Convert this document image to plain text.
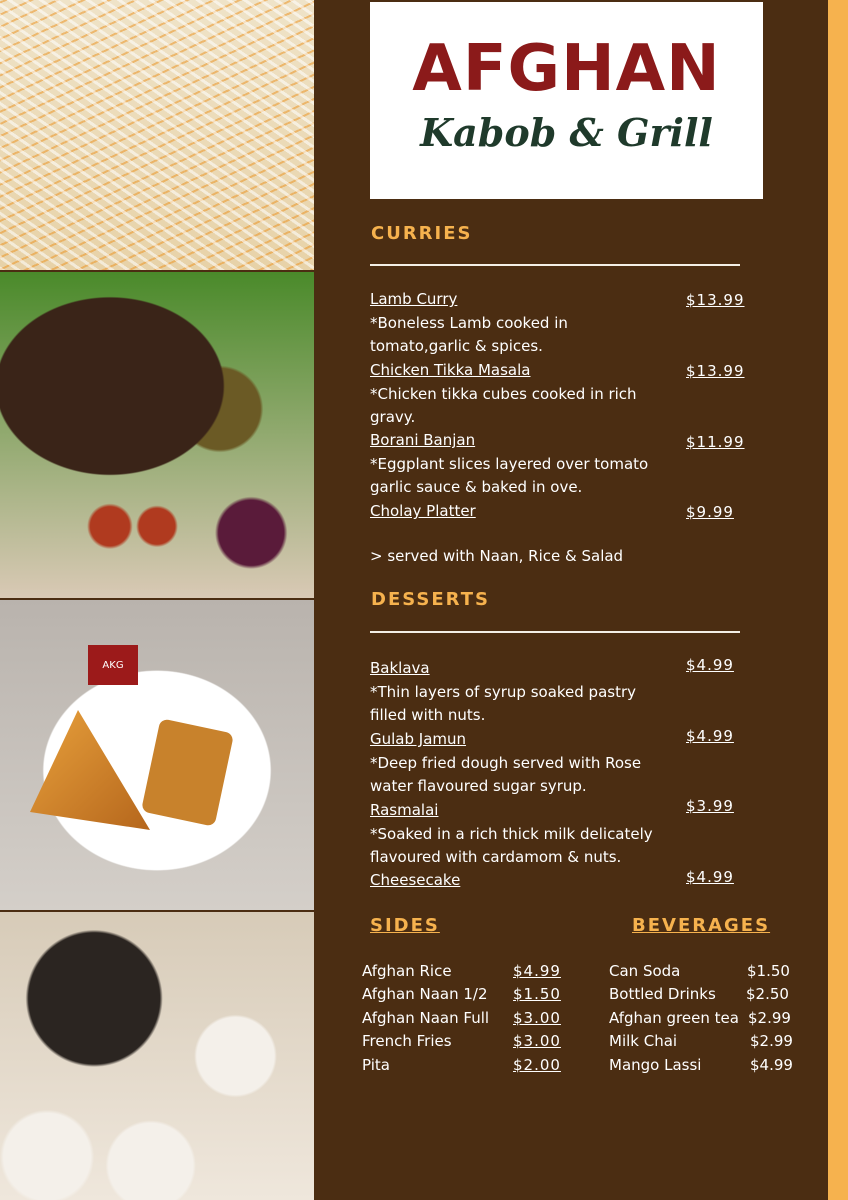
AKG
AFGHAN
Kabob & Grill
CURRIES
Lamb Curry
*Boneless Lamb cooked in tomato,garlic & spices.
$13.99
Chicken Tikka Masala
*Chicken tikka cubes cooked in rich gravy.
$13.99
Borani Banjan
*Eggplant slices layered over tomato garlic sauce & baked in ove.
$11.99
Cholay Platter	$9.99
> served with Naan, Rice & Salad
DESSERTS
Baklava
*Thin layers of syrup soaked pastry filled with nuts.
$4.99
Gulab Jamun
*Deep fried dough served with Rose water flavoured sugar syrup.
$4.99
Rasmalai
*Soaked in a rich thick milk delicately flavoured with cardamom & nuts.
$3.99
Cheesecake	$4.99
SIDES
Afghan Rice	$4.99
Afghan Naan 1/2 $1.50
Afghan Naan Full $3.00
French Fries	$3.00
Pita	$2.00
BEVERAGES
Can Soda	$1.50
Bottled Drinks $2.50
Afghan green tea $2.99
Milk Chai	$2.99
Mango Lassi	$4.99
